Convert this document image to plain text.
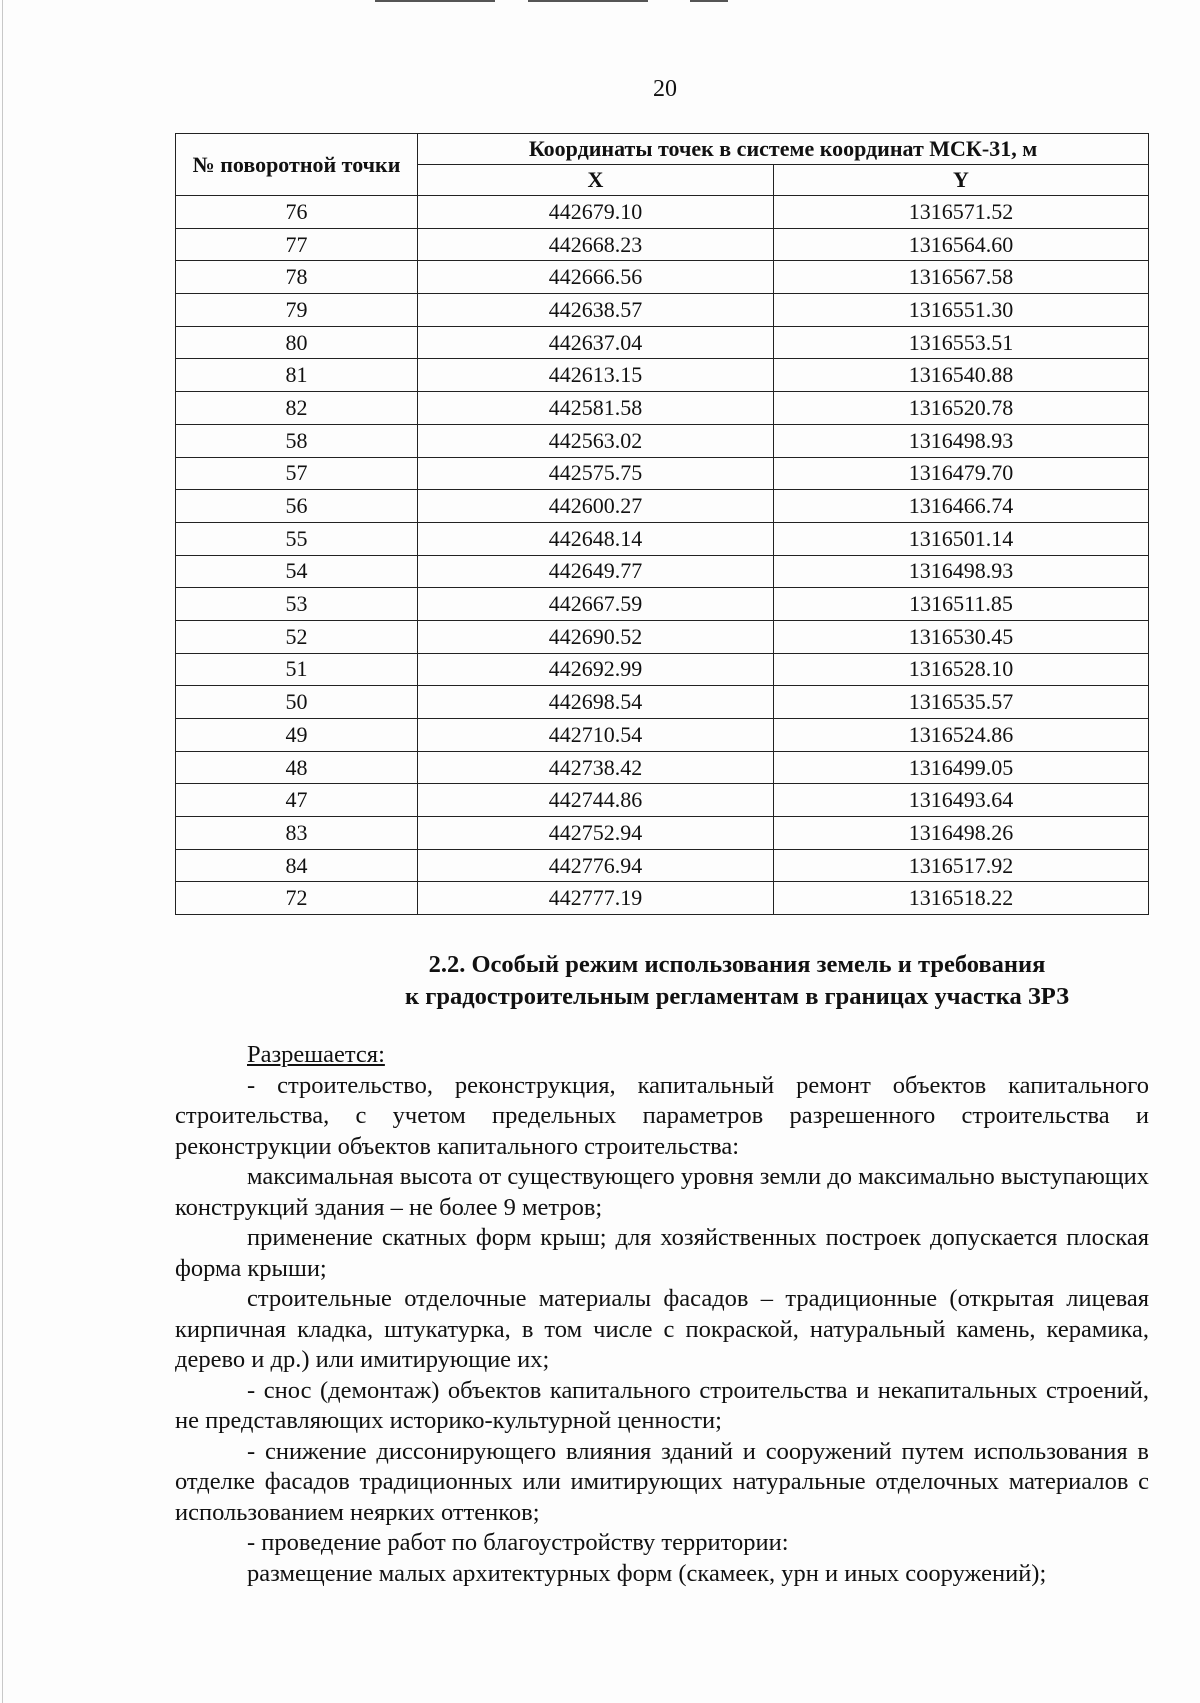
20
№ поворотной точки	Координаты точек в системе координат МСК-31, м	
	X	Y
76	442679.10	1316571.52
77	442668.23	1316564.60
78	442666.56	1316567.58
79	442638.57	1316551.30
80	442637.04	1316553.51
81	442613.15	1316540.88
82	442581.58	1316520.78
58	442563.02	1316498.93
57	442575.75	1316479.70
56	442600.27	1316466.74
55	442648.14	1316501.14
54	442649.77	1316498.93
53	442667.59	1316511.85
52	442690.52	1316530.45
51	442692.99	1316528.10
50	442698.54	1316535.57
49	442710.54	1316524.86
48	442738.42	1316499.05
47	442744.86	1316493.64
83	442752.94	1316498.26
84	442776.94	1316517.92
72	442777.19	1316518.22
2.2. Особый режим использования земель и требования
к градостроительным регламентам в границах участка ЗРЗ

Разрешается:

- строительство, реконструкция, капитальный ремонт объектов капитального строительства, с учетом предельных параметров разрешенного строительства и реконструкции объектов капитального строительства:

максимальная высота от существующего уровня земли до максимально выступающих конструкций здания – не более 9 метров;

применение скатных форм крыш; для хозяйственных построек допускается плоская форма крыши;

строительные отделочные материалы фасадов – традиционные (открытая лицевая кирпичная кладка, штукатурка, в том числе с покраской, натуральный камень, керамика, дерево и др.) или имитирующие их;

- снос (демонтаж) объектов капитального строительства и некапитальных строений, не представляющих историко-культурной ценности;

- снижение диссонирующего влияния зданий и сооружений путем использования в отделке фасадов традиционных или имитирующих натуральные отделочных материалов с использованием неярких оттенков;

- проведение работ по благоустройству территории:

размещение малых архитектурных форм (скамеек, урн и иных сооружений);
